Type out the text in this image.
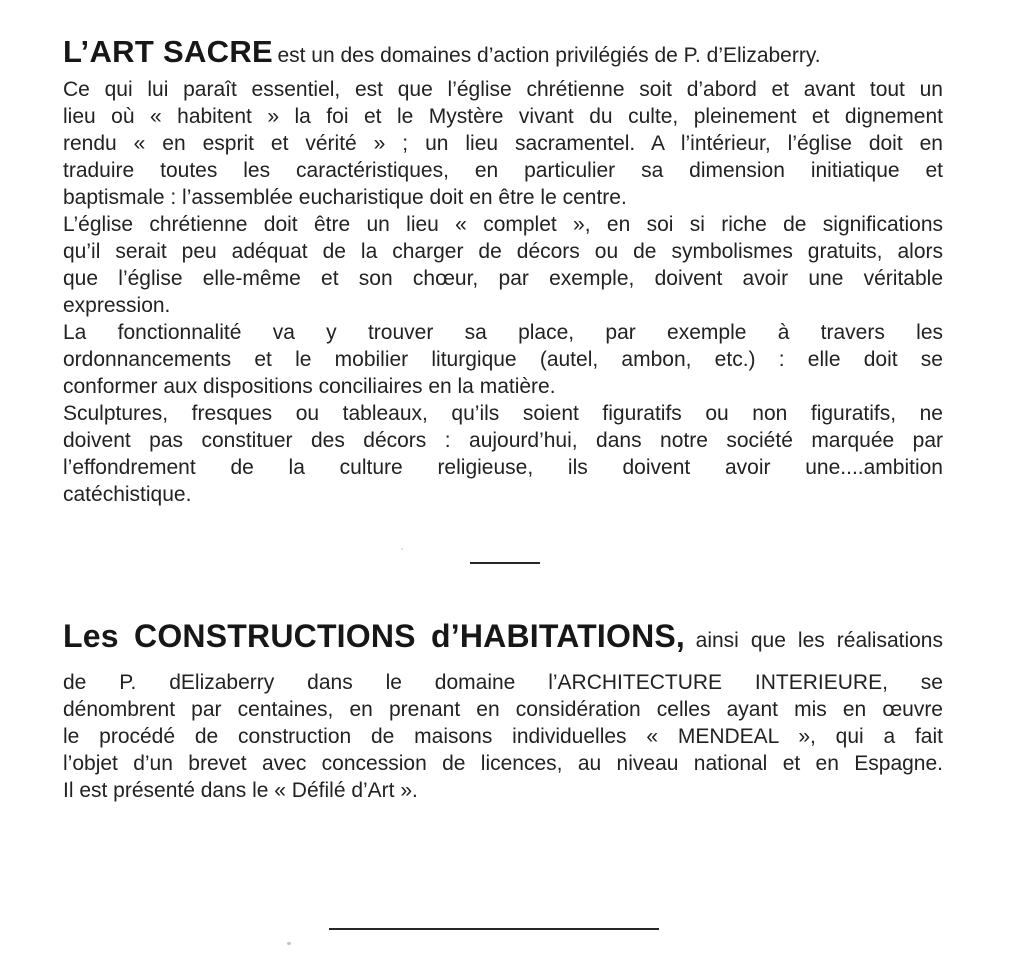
L’ART SACRE est un des domaines d’action privilégiés de P. d’Elizaberry.
Ce qui lui paraît essentiel, est que l’église chrétienne soit d’abord et avant tout un
lieu où « habitent » la foi et le Mystère vivant du culte, pleinement et dignement
rendu « en esprit et vérité » ; un lieu sacramentel. A l’intérieur, l’église doit en
traduire toutes les caractéristiques, en particulier sa dimension initiatique et
baptismale : l’assemblée eucharistique doit en être le centre.
L’église chrétienne doit être un lieu « complet », en soi si riche de significations
qu’il serait peu adéquat de la charger de décors ou de symbolismes gratuits, alors
que l’église elle-même et son chœur, par exemple, doivent avoir une véritable
expression.
La fonctionnalité va y trouver sa place, par exemple à travers les
ordonnancements et le mobilier liturgique (autel, ambon, etc.) : elle doit se
conformer aux dispositions conciliaires en la matière.
Sculptures, fresques ou tableaux, qu’ils soient figuratifs ou non figuratifs, ne
doivent pas constituer des décors : aujourd’hui, dans notre société marquée par
l’effondrement de la culture religieuse, ils doivent avoir une....ambition
catéchistique.
Les CONSTRUCTIONS d’HABITATIONS, ainsi que les réalisations
de P. dElizaberry dans le domaine l’ARCHITECTURE INTERIEURE, se
dénombrent par centaines, en prenant en considération celles ayant mis en œuvre
le procédé de construction de maisons individuelles « MENDEAL », qui a fait
l’objet d’un brevet avec concession de licences, au niveau national et en Espagne.
Il est présenté dans le « Défilé d’Art ».
